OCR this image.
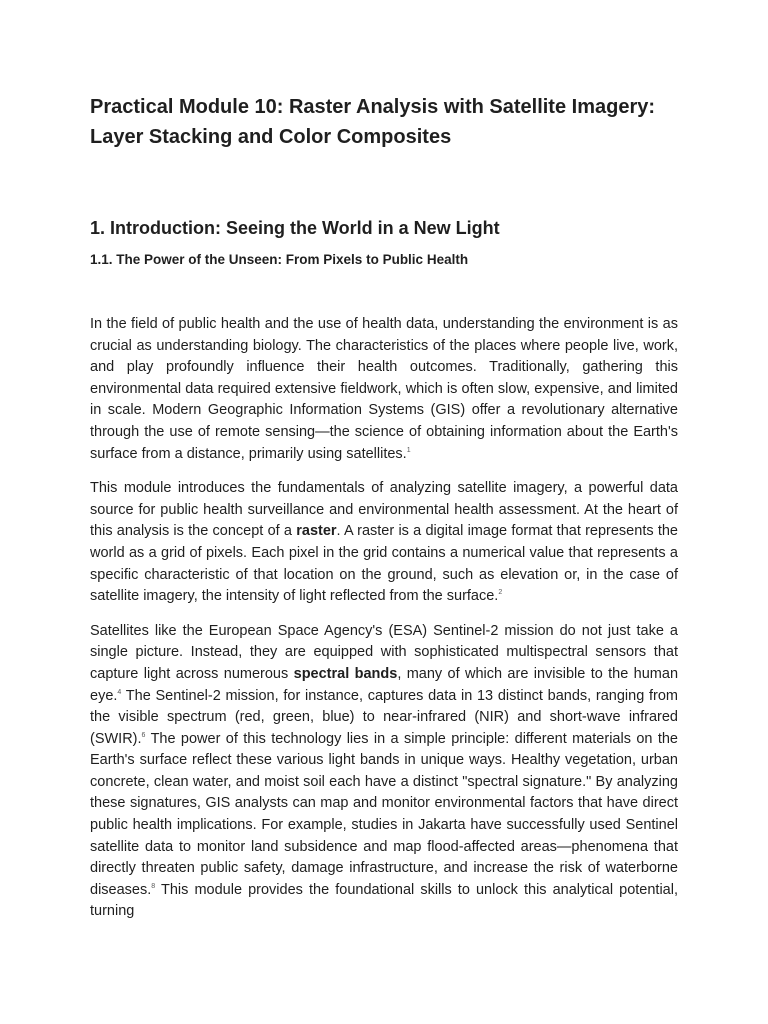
Practical Module 10: Raster Analysis with Satellite Imagery: Layer Stacking and Color Composites
1. Introduction: Seeing the World in a New Light
1.1. The Power of the Unseen: From Pixels to Public Health

In the field of public health and the use of health data, understanding the environment is as crucial as understanding biology. The characteristics of the places where people live, work, and play profoundly influence their health outcomes. Traditionally, gathering this environmental data required extensive fieldwork, which is often slow, expensive, and limited in scale. Modern Geographic Information Systems (GIS) offer a revolutionary alternative through the use of remote sensing—the science of obtaining information about the Earth's surface from a distance, primarily using satellites.$^1$

This module introduces the fundamentals of analyzing satellite imagery, a powerful data source for public health surveillance and environmental health assessment. At the heart of this analysis is the concept of a raster. A raster is a digital image format that represents the world as a grid of pixels. Each pixel in the grid contains a numerical value that represents a specific characteristic of that location on the ground, such as elevation or, in the case of satellite imagery, the intensity of light reflected from the surface.$^2$

Satellites like the European Space Agency's (ESA) Sentinel-2 mission do not just take a single picture. Instead, they are equipped with sophisticated multispectral sensors that capture light across numerous spectral bands, many of which are invisible to the human eye.$^4$ The Sentinel-2 mission, for instance, captures data in 13 distinct bands, ranging from the visible spectrum (red, green, blue) to near-infrared (NIR) and short-wave infrared (SWIR).$^6$ The power of this technology lies in a simple principle: different materials on the Earth's surface reflect these various light bands in unique ways. Healthy vegetation, urban concrete, clean water, and moist soil each have a distinct "spectral signature." By analyzing these signatures, GIS analysts can map and monitor environmental factors that have direct public health implications. For example, studies in Jakarta have successfully used Sentinel satellite data to monitor land subsidence and map flood-affected areas—phenomena that directly threaten public safety, damage infrastructure, and increase the risk of waterborne diseases.$^8$ This module provides the foundational skills to unlock this analytical potential, turning
